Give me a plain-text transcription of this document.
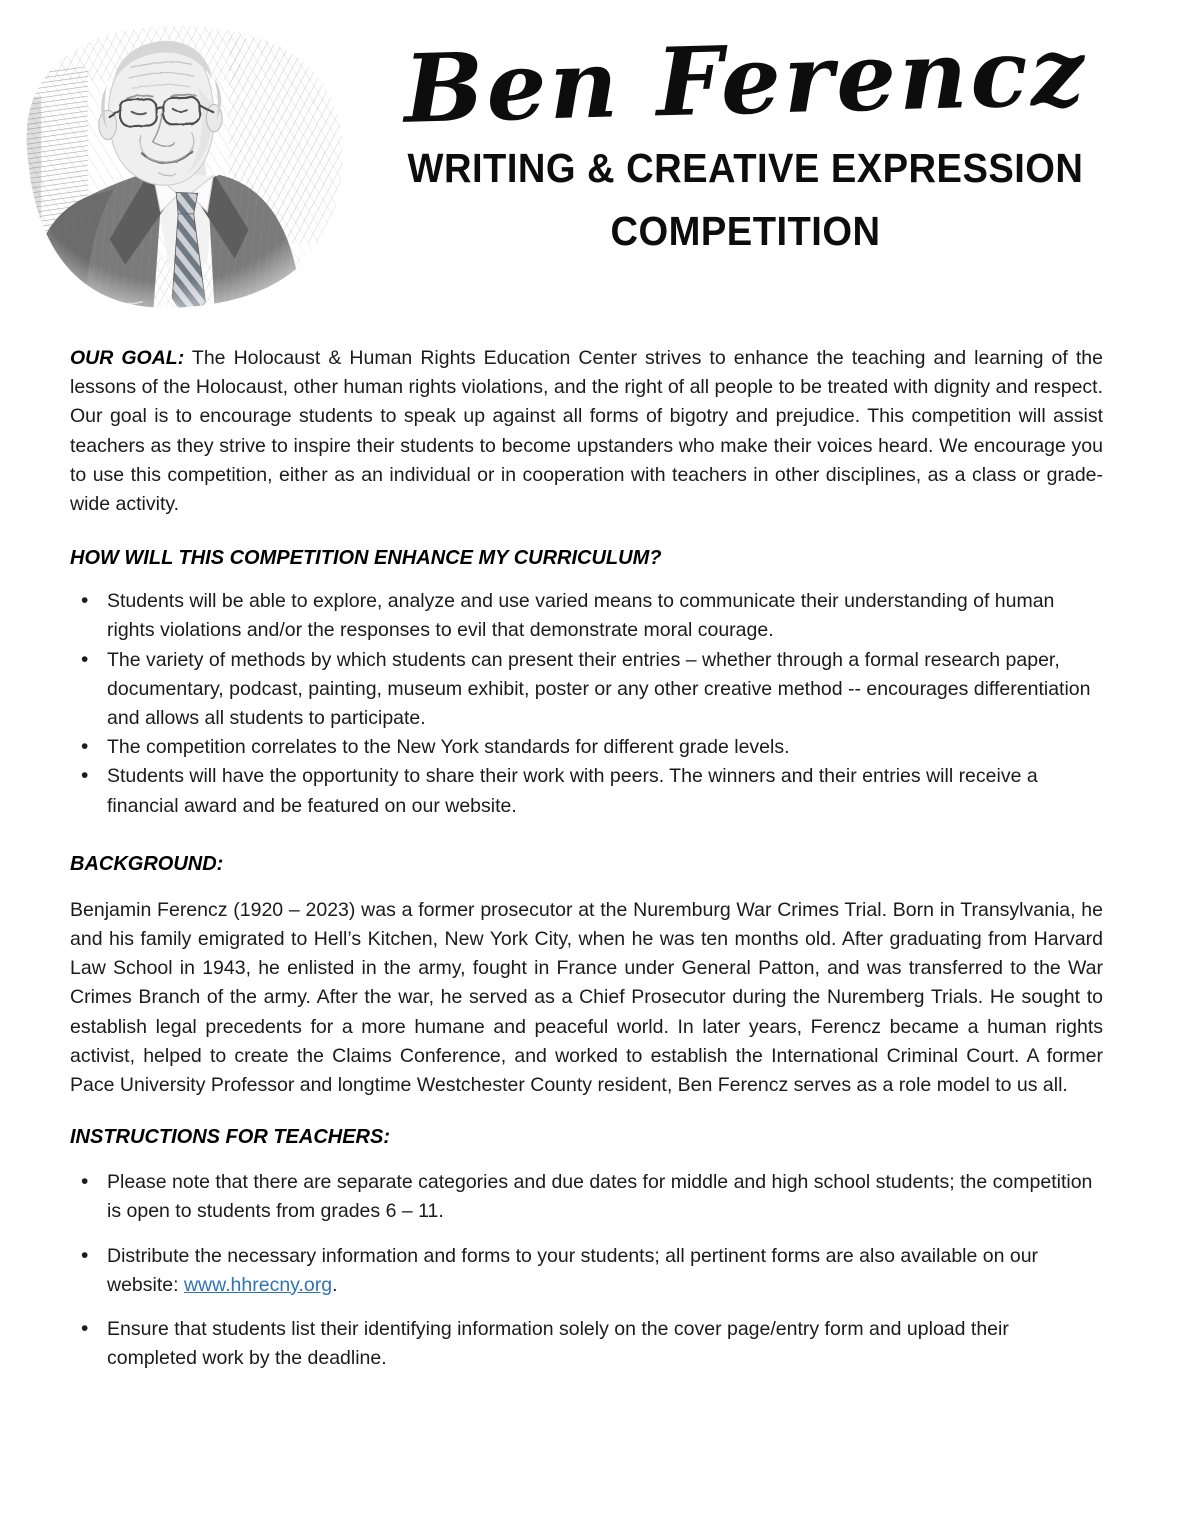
Ben Ferencz
WRITING & CREATIVE EXPRESSION
COMPETITION

OUR GOAL: The Holocaust & Human Rights Education Center strives to enhance the teaching and learning of the lessons of the Holocaust, other human rights violations, and the right of all people to be treated with dignity and respect. Our goal is to encourage students to speak up against all forms of bigotry and prejudice. This competition will assist teachers as they strive to inspire their students to become upstanders who make their voices heard. We encourage you to use this competition, either as an individual or in cooperation with teachers in other disciplines, as a class or grade-wide activity.

HOW WILL THIS COMPETITION ENHANCE MY CURRICULUM?
• Students will be able to explore, analyze and use varied means to communicate their understanding of human rights violations and/or the responses to evil that demonstrate moral courage.
• The variety of methods by which students can present their entries – whether through a formal research paper, documentary, podcast, painting, museum exhibit, poster or any other creative method -- encourages differentiation and allows all students to participate.
• The competition correlates to the New York standards for different grade levels.
• Students will have the opportunity to share their work with peers. The winners and their entries will receive a financial award and be featured on our website.
BACKGROUND:

Benjamin Ferencz (1920 – 2023) was a former prosecutor at the Nuremburg War Crimes Trial. Born in Transylvania, he and his family emigrated to Hell’s Kitchen, New York City, when he was ten months old. After graduating from Harvard Law School in 1943, he enlisted in the army, fought in France under General Patton, and was transferred to the War Crimes Branch of the army. After the war, he served as a Chief Prosecutor during the Nuremberg Trials. He sought to establish legal precedents for a more humane and peaceful world. In later years, Ferencz became a human rights activist, helped to create the Claims Conference, and worked to establish the International Criminal Court. A former Pace University Professor and longtime Westchester County resident, Ben Ferencz serves as a role model to us all.

INSTRUCTIONS FOR TEACHERS:
• Please note that there are separate categories and due dates for middle and high school students; the competition is open to students from grades 6 – 11.
• Distribute the necessary information and forms to your students; all pertinent forms are also available on our website: www.hhrecny.org.
• Ensure that students list their identifying information solely on the cover page/entry form and upload their completed work by the deadline.
